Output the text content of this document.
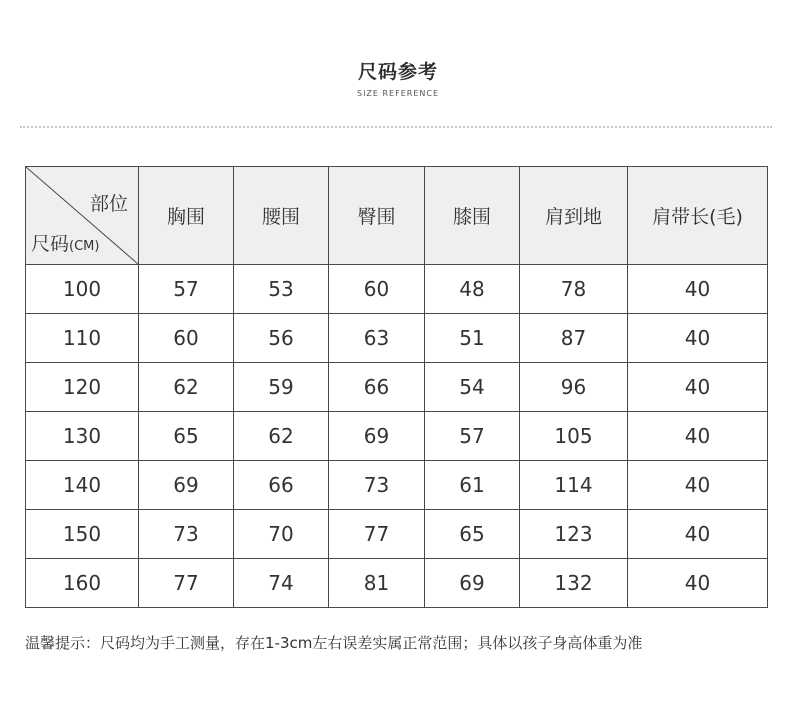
尺码参考
SIZE REFERENCE
部位
尺码(CM)	胸围	腰围	臀围	膝围	肩到地	肩带长(毛)
100	57	53	60	48	78	40
110	60	56	63	51	87	40
120	62	59	66	54	96	40
130	65	62	69	57	105	40
140	69	66	73	61	114	40
150	73	70	77	65	123	40
160	77	74	81	69	132	40
温馨提示：尺码均为手工测量，存在1-3cm左右误差实属正常范围；具体以孩子身高体重为准
